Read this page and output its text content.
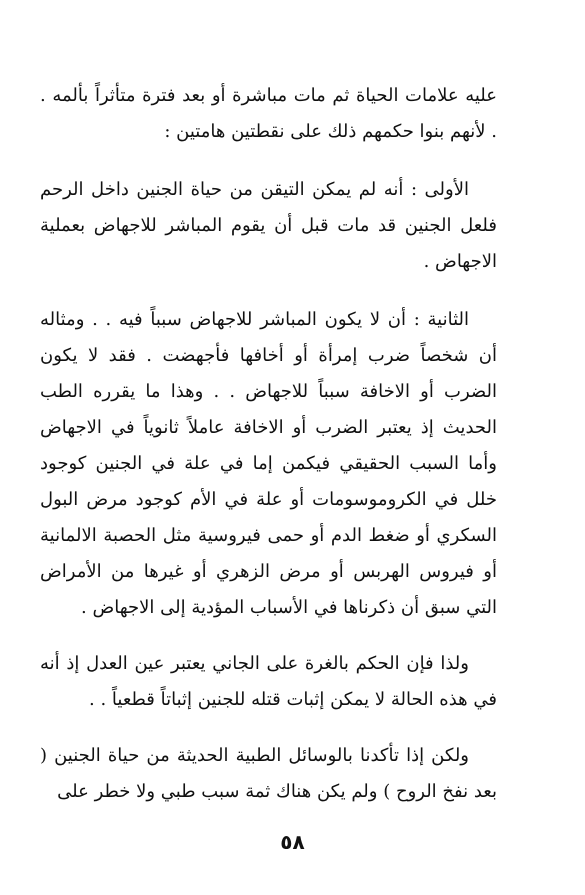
عليه علامات الحياة ثم مات مباشرة أو بعد فترة متأثراً بألمه . . لأنهم بنوا حكمهم ذلك على نقطتين هامتين :

الأولى : أنه لم يمكن التيقن من حياة الجنين داخل الرحم فلعل الجنين قد مات قبل أن يقوم المباشر للاجهاض بعملية الاجهاض .

الثانية : أن لا يكون المباشر للاجهاض سبباً فيه . . ومثاله أن شخصاً ضرب إمرأة أو أخافها فأجهضت . فقد لا يكون الضرب أو الاخافة سبباً للاجهاض . . وهذا ما يقرره الطب الحديث إذ يعتبر الضرب أو الاخافة عاملاً ثانوياً في الاجهاض وأما السبب الحقيقي فيكمن إما في علة في الجنين كوجود خلل في الكروموسومات أو علة في الأم كوجود مرض البول السكري أو ضغط الدم أو حمى فيروسية مثل الحصبة الالمانية أو فيروس الهربس أو مرض الزهري أو غيرها من الأمراض التي سبق أن ذكرناها في الأسباب المؤدية إلى الاجهاض .

ولذا فإن الحكم بالغرة على الجاني يعتبر عين العدل إذ أنه في هذه الحالة لا يمكن إثبات قتله للجنين إثباتاً قطعياً . .

ولكن إذا تأكدنا بالوسائل الطبية الحديثة من حياة الجنين ( بعد نفخ الروح ) ولم يكن هناك ثمة سبب طبي ولا خطر على

٥٨
